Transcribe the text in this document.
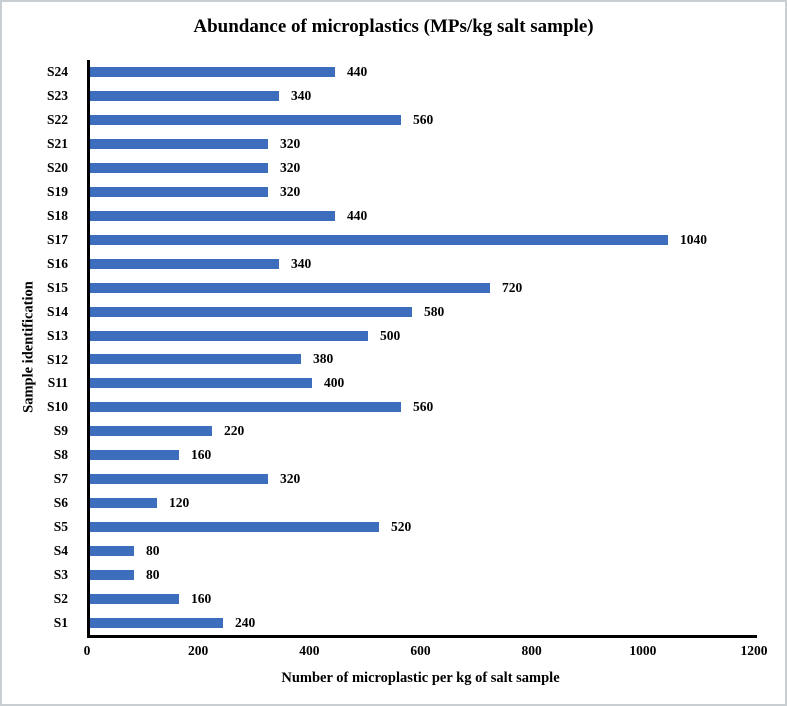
Abundance of microplastics (MPs/kg salt sample)
Sample identification
S24
S23
S22
S21
S20
S19
S18
S17
S16
S15
S14
S13
S12
S11
S10
S9
S8
S7
S6
S5
S4
S3
S2
S1
440
340
560
320
320
320
440
1040
340
720
580
500
380
400
560
220
160
320
120
520
80
80
160
240
0	200	400	600	800	1000	1200
Number of microplastic per kg of salt sample
